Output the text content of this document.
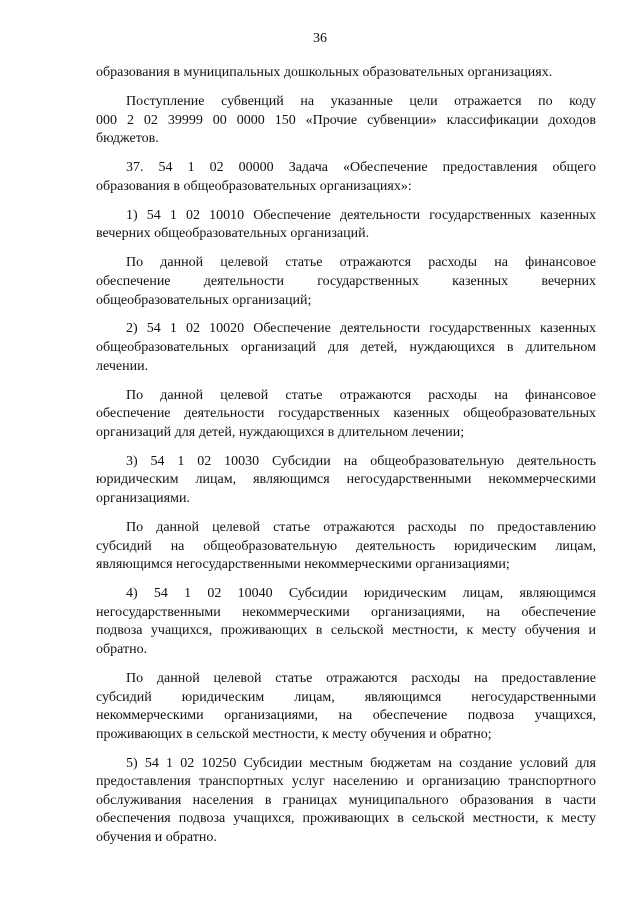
36

образования в муниципальных дошкольных образовательных организациях.

Поступление субвенций на указанные цели отражается по коду
000 2 02 39999 00 0000 150 «Прочие субвенции» классификации доходов
бюджетов.

37. 54 1 02 00000 Задача «Обеспечение предоставления общего
образования в общеобразовательных организациях»:

1) 54 1 02 10010 Обеспечение деятельности государственных казенных
вечерних общеобразовательных организаций.

По данной целевой статье отражаются расходы на финансовое
обеспечение деятельности государственных казенных вечерних
общеобразовательных организаций;

2) 54 1 02 10020 Обеспечение деятельности государственных казенных
общеобразовательных организаций для детей, нуждающихся в длительном
лечении.

По данной целевой статье отражаются расходы на финансовое
обеспечение деятельности государственных казенных общеобразовательных
организаций для детей, нуждающихся в длительном лечении;

3) 54 1 02 10030 Субсидии на общеобразовательную деятельность
юридическим лицам, являющимся негосударственными некоммерческими
организациями.

По данной целевой статье отражаются расходы по предоставлению
субсидий на общеобразовательную деятельность юридическим лицам,
являющимся негосударственными некоммерческими организациями;

4) 54 1 02 10040 Субсидии юридическим лицам, являющимся
негосударственными некоммерческими организациями, на обеспечение
подвоза учащихся, проживающих в сельской местности, к месту обучения и
обратно.

По данной целевой статье отражаются расходы на предоставление
субсидий юридическим лицам, являющимся негосударственными
некоммерческими организациями, на обеспечение подвоза учащихся,
проживающих в сельской местности, к месту обучения и обратно;

5) 54 1 02 10250 Субсидии местным бюджетам на создание условий для
предоставления транспортных услуг населению и организацию транспортного
обслуживания населения в границах муниципального образования в части
обеспечения подвоза учащихся, проживающих в сельской местности, к месту
обучения и обратно.
